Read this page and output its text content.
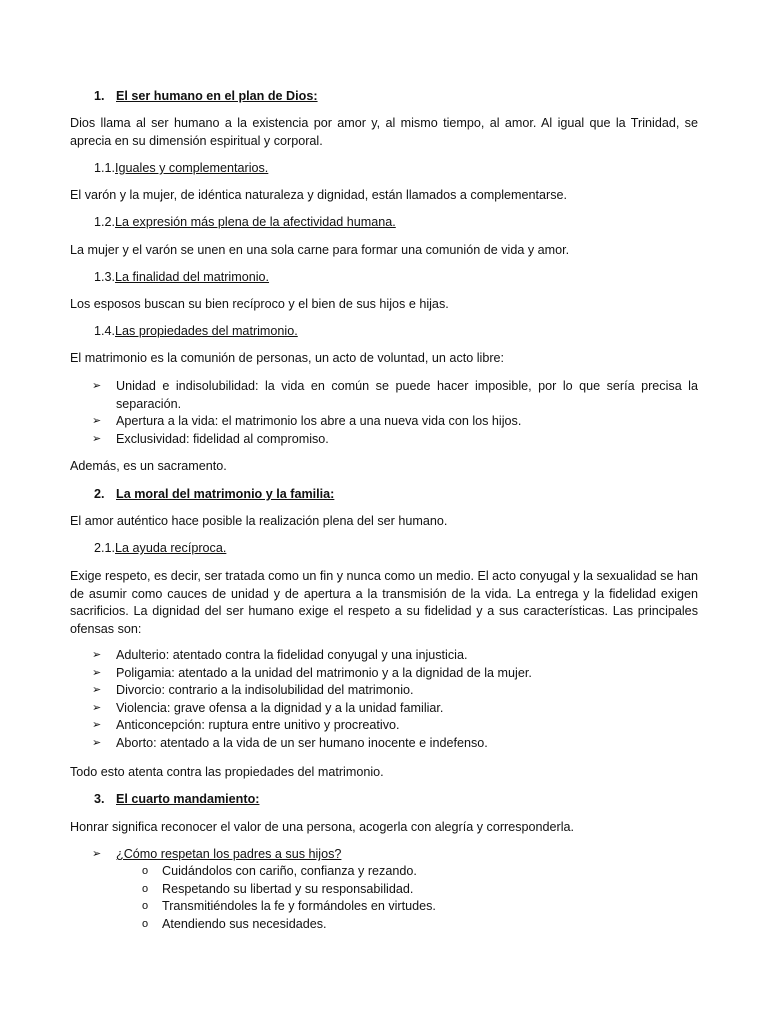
1. El ser humano en el plan de Dios:

Dios llama al ser humano a la existencia por amor y, al mismo tiempo, al amor. Al igual que la Trinidad, se aprecia en su dimensión espiritual y corporal.

1.1.Iguales y complementarios.

El varón y la mujer, de idéntica naturaleza y dignidad, están llamados a complementarse.

1.2.La expresión más plena de la afectividad humana.

La mujer y el varón se unen en una sola carne para formar una comunión de vida y amor.

1.3.La finalidad del matrimonio.

Los esposos buscan su bien recíproco y el bien de sus hijos e hijas.

1.4.Las propiedades del matrimonio.

El matrimonio es la comunión de personas, un acto de voluntad, un acto libre:

➢ Unidad e indisolubilidad: la vida en común se puede hacer imposible, por lo que sería precisa la separación.
➢ Apertura a la vida: el matrimonio los abre a una nueva vida con los hijos.
➢ Exclusividad: fidelidad al compromiso.

Además, es un sacramento.

2. La moral del matrimonio y la familia:

El amor auténtico hace posible la realización plena del ser humano.

2.1.La ayuda recíproca.

Exige respeto, es decir, ser tratada como un fin y nunca como un medio. El acto conyugal y la sexualidad se han de asumir como cauces de unidad y de apertura a la transmisión de la vida. La entrega y la fidelidad exigen sacrificios. La dignidad del ser humano exige el respeto a su fidelidad y a sus características. Las principales ofensas son:

➢ Adulterio: atentado contra la fidelidad conyugal y una injusticia.
➢ Poligamia: atentado a la unidad del matrimonio y a la dignidad de la mujer.
➢ Divorcio: contrario a la indisolubilidad del matrimonio.
➢ Violencia: grave ofensa a la dignidad y a la unidad familiar.
➢ Anticoncepción: ruptura entre unitivo y procreativo.
➢ Aborto: atentado a la vida de un ser humano inocente e indefenso.

Todo esto atenta contra las propiedades del matrimonio.

3. El cuarto mandamiento:

Honrar significa reconocer el valor de una persona, acogerla con alegría y corresponderla.

➢ ¿Cómo respetan los padres a sus hijos?
o Cuidándolos con cariño, confianza y rezando.
o Respetando su libertad y su responsabilidad.
o Transmitiéndoles la fe y formándoles en virtudes.
o Atendiendo sus necesidades.
